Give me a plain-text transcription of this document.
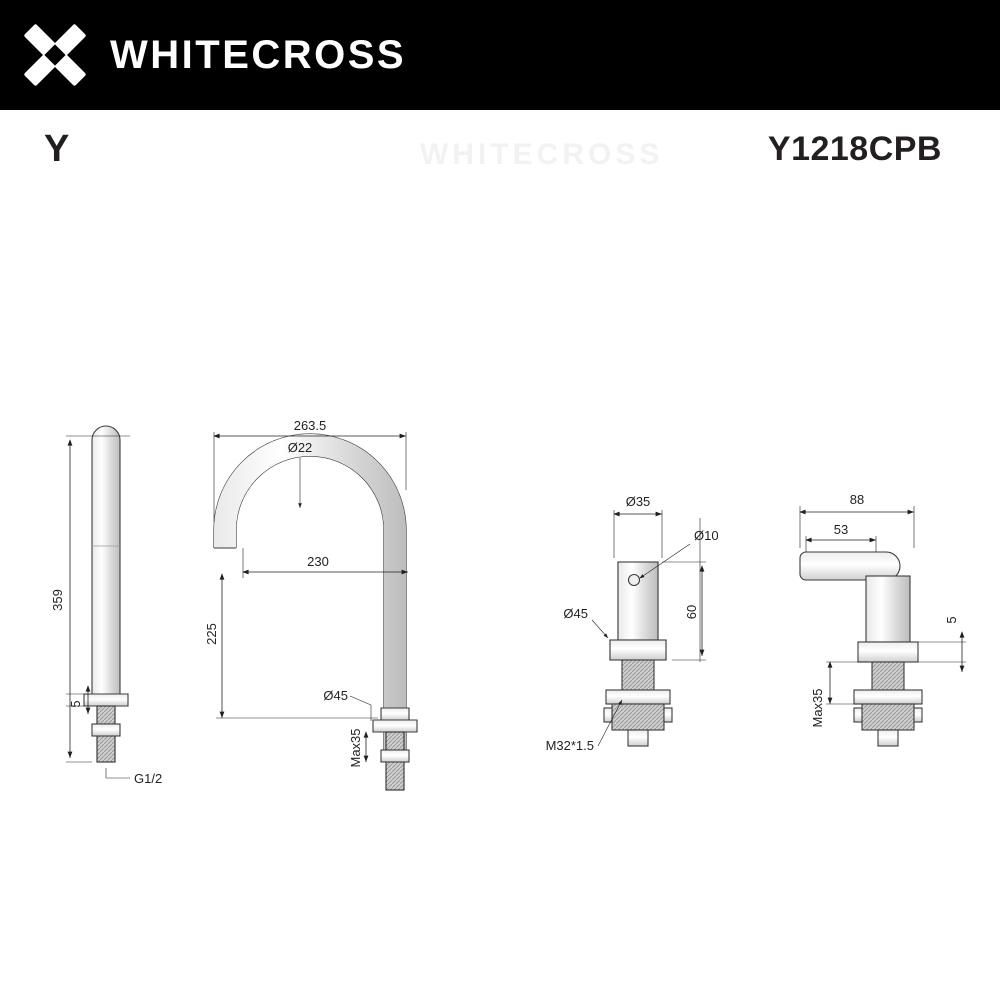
WHITECROSS
WHITECROSS
Y	Y1218CPB
359
5
G1/2
263.5
Ø22
230
225
Ø45
Max35
Ø35
Ø10
60
Ø45
M32*1.5
88
53
5
Max35
